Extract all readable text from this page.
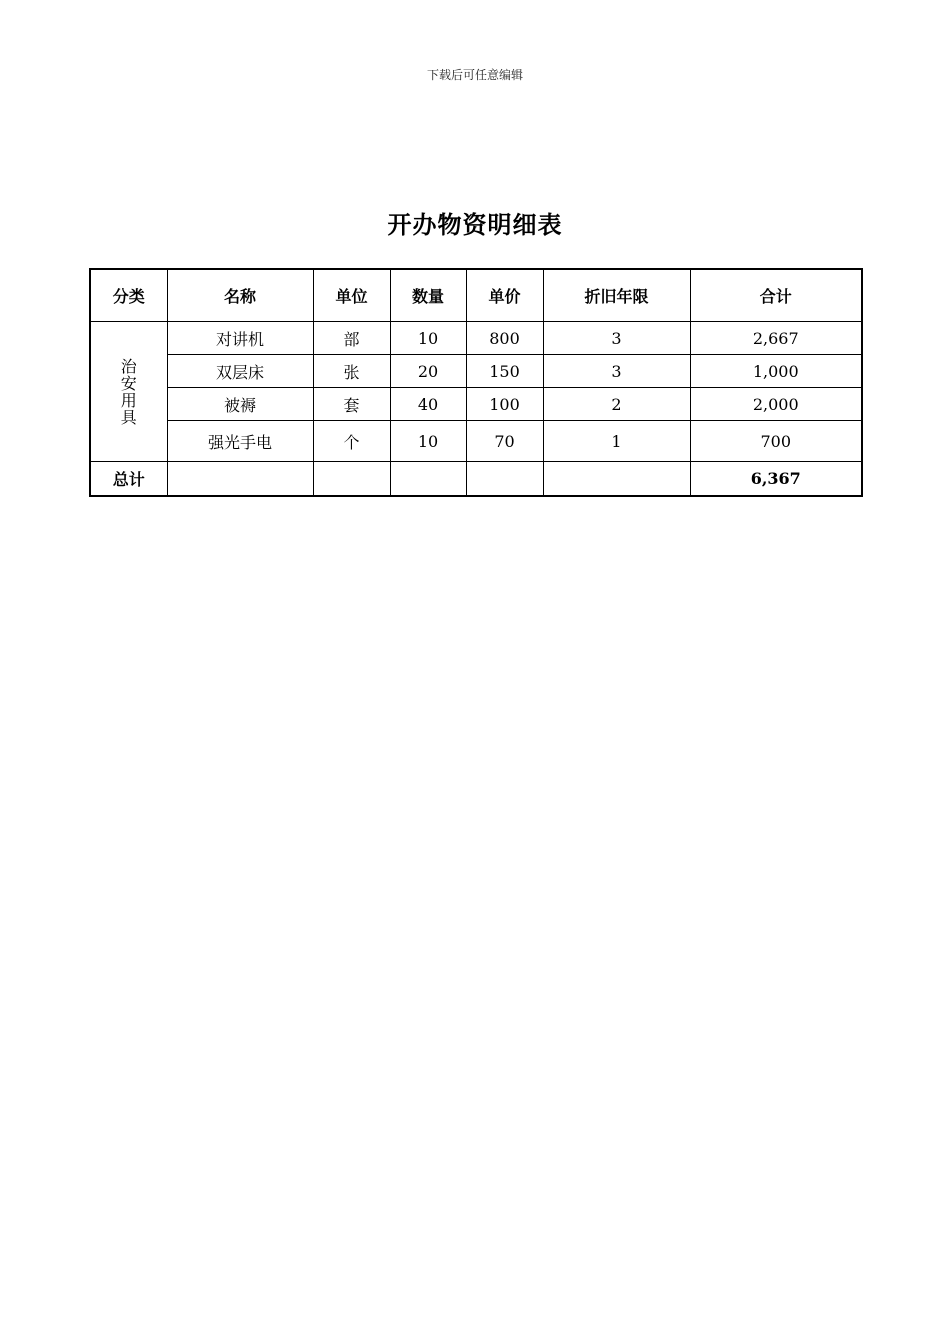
下载后可任意编辑
开办物资明细表
分类	名称	单位	数量	单价	折旧年限	合计
治安用具	对讲机	部	10	800	3	2,667
	双层床	张	20	150	3	1,000
	被褥	套	40	100	2	2,000
	强光手电	个	10	70	1	700
总计						6,367
